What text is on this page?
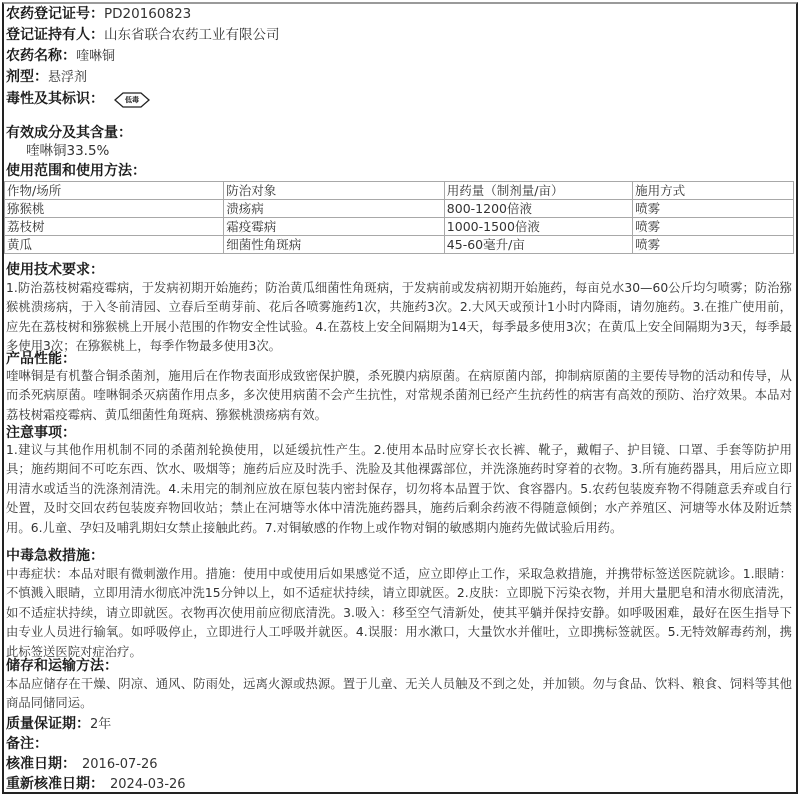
农药登记证号：PD20160823
登记证持有人：山东省联合农药工业有限公司
农药名称：喹啉铜
剂型：悬浮剂
毒性及其标识：	低毒
有效成分及其含量：
喹啉铜33.5%
使用范围和使用方法：
作物/场所	防治对象	用药量（制剂量/亩）	施用方式
猕猴桃	溃疡病	800-1200倍液	喷雾
荔枝树	霜疫霉病	1000-1500倍液	喷雾
黄瓜	细菌性角斑病	45-60毫升/亩	喷雾
使用技术要求：
1.防治荔枝树霜疫霉病，于发病初期开始施药；防治黄瓜细菌性角斑病，于发病前或发病初期开始施药，每亩兑水30—60公斤均匀喷雾；防治猕猴桃溃疡病，于入冬前清园、立春后至萌芽前、花后各喷雾施药1次，共施药3次。2.大风天或预计1小时内降雨，请勿施药。3.在推广使用前，应先在荔枝树和猕猴桃上开展小范围的作物安全性试验。4.在荔枝上安全间隔期为14天，每季最多使用3次；在黄瓜上安全间隔期为3天，每季最多使用3次；在猕猴桃上，每季作物最多使用3次。
产品性能：
喹啉铜是有机螯合铜杀菌剂，施用后在作物表面形成致密保护膜，杀死膜内病原菌。在病原菌内部，抑制病原菌的主要传导物的活动和传导，从而杀死病原菌。喹啉铜杀灭病菌作用点多，多次使用病菌不会产生抗性，对常规杀菌剂已经产生抗药性的病害有高效的预防、治疗效果。本品对荔枝树霜疫霉病、黄瓜细菌性角斑病、猕猴桃溃疡病有效。
注意事项：
1.建议与其他作用机制不同的杀菌剂轮换使用，以延缓抗性产生。2.使用本品时应穿长衣长裤、靴子，戴帽子、护目镜、口罩、手套等防护用具；施药期间不可吃东西、饮水、吸烟等；施药后应及时洗手、洗脸及其他裸露部位，并洗涤施药时穿着的衣物。3.所有施药器具，用后应立即用清水或适当的洗涤剂清洗。4.未用完的制剂应放在原包装内密封保存，切勿将本品置于饮、食容器内。5.农药包装废弃物不得随意丢弃或自行处置，及时交回农药包装废弃物回收站；禁止在河塘等水体中清洗施药器具，施药后剩余药液不得随意倾倒；水产养殖区、河塘等水体及附近禁用。6.儿童、孕妇及哺乳期妇女禁止接触此药。7.对铜敏感的作物上或作物对铜的敏感期内施药先做试验后用药。
中毒急救措施：
中毒症状：本品对眼有微刺激作用。措施：使用中或使用后如果感觉不适，应立即停止工作，采取急救措施，并携带标签送医院就诊。1.眼睛：不慎溅入眼睛，立即用清水彻底冲洗15分钟以上，如不适症状持续，请立即就医。2.皮肤：立即脱下污染衣物，并用大量肥皂和清水彻底清洗，如不适症状持续，请立即就医。衣物再次使用前应彻底清洗。3.吸入：移至空气清新处，使其平躺并保持安静。如呼吸困难，最好在医生指导下由专业人员进行输氧。如呼吸停止，立即进行人工呼吸并就医。4.误服：用水漱口，大量饮水并催吐，立即携标签就医。5.无特效解毒药剂，携此标签送医院对症治疗。
储存和运输方法：
本品应储存在干燥、阴凉、通风、防雨处，远离火源或热源。置于儿童、无关人员触及不到之处，并加锁。勿与食品、饮料、粮食、饲料等其他商品同储同运。
质量保证期：2年
备注：
核准日期： 2016-07-26
重新核准日期： 2024-03-26
